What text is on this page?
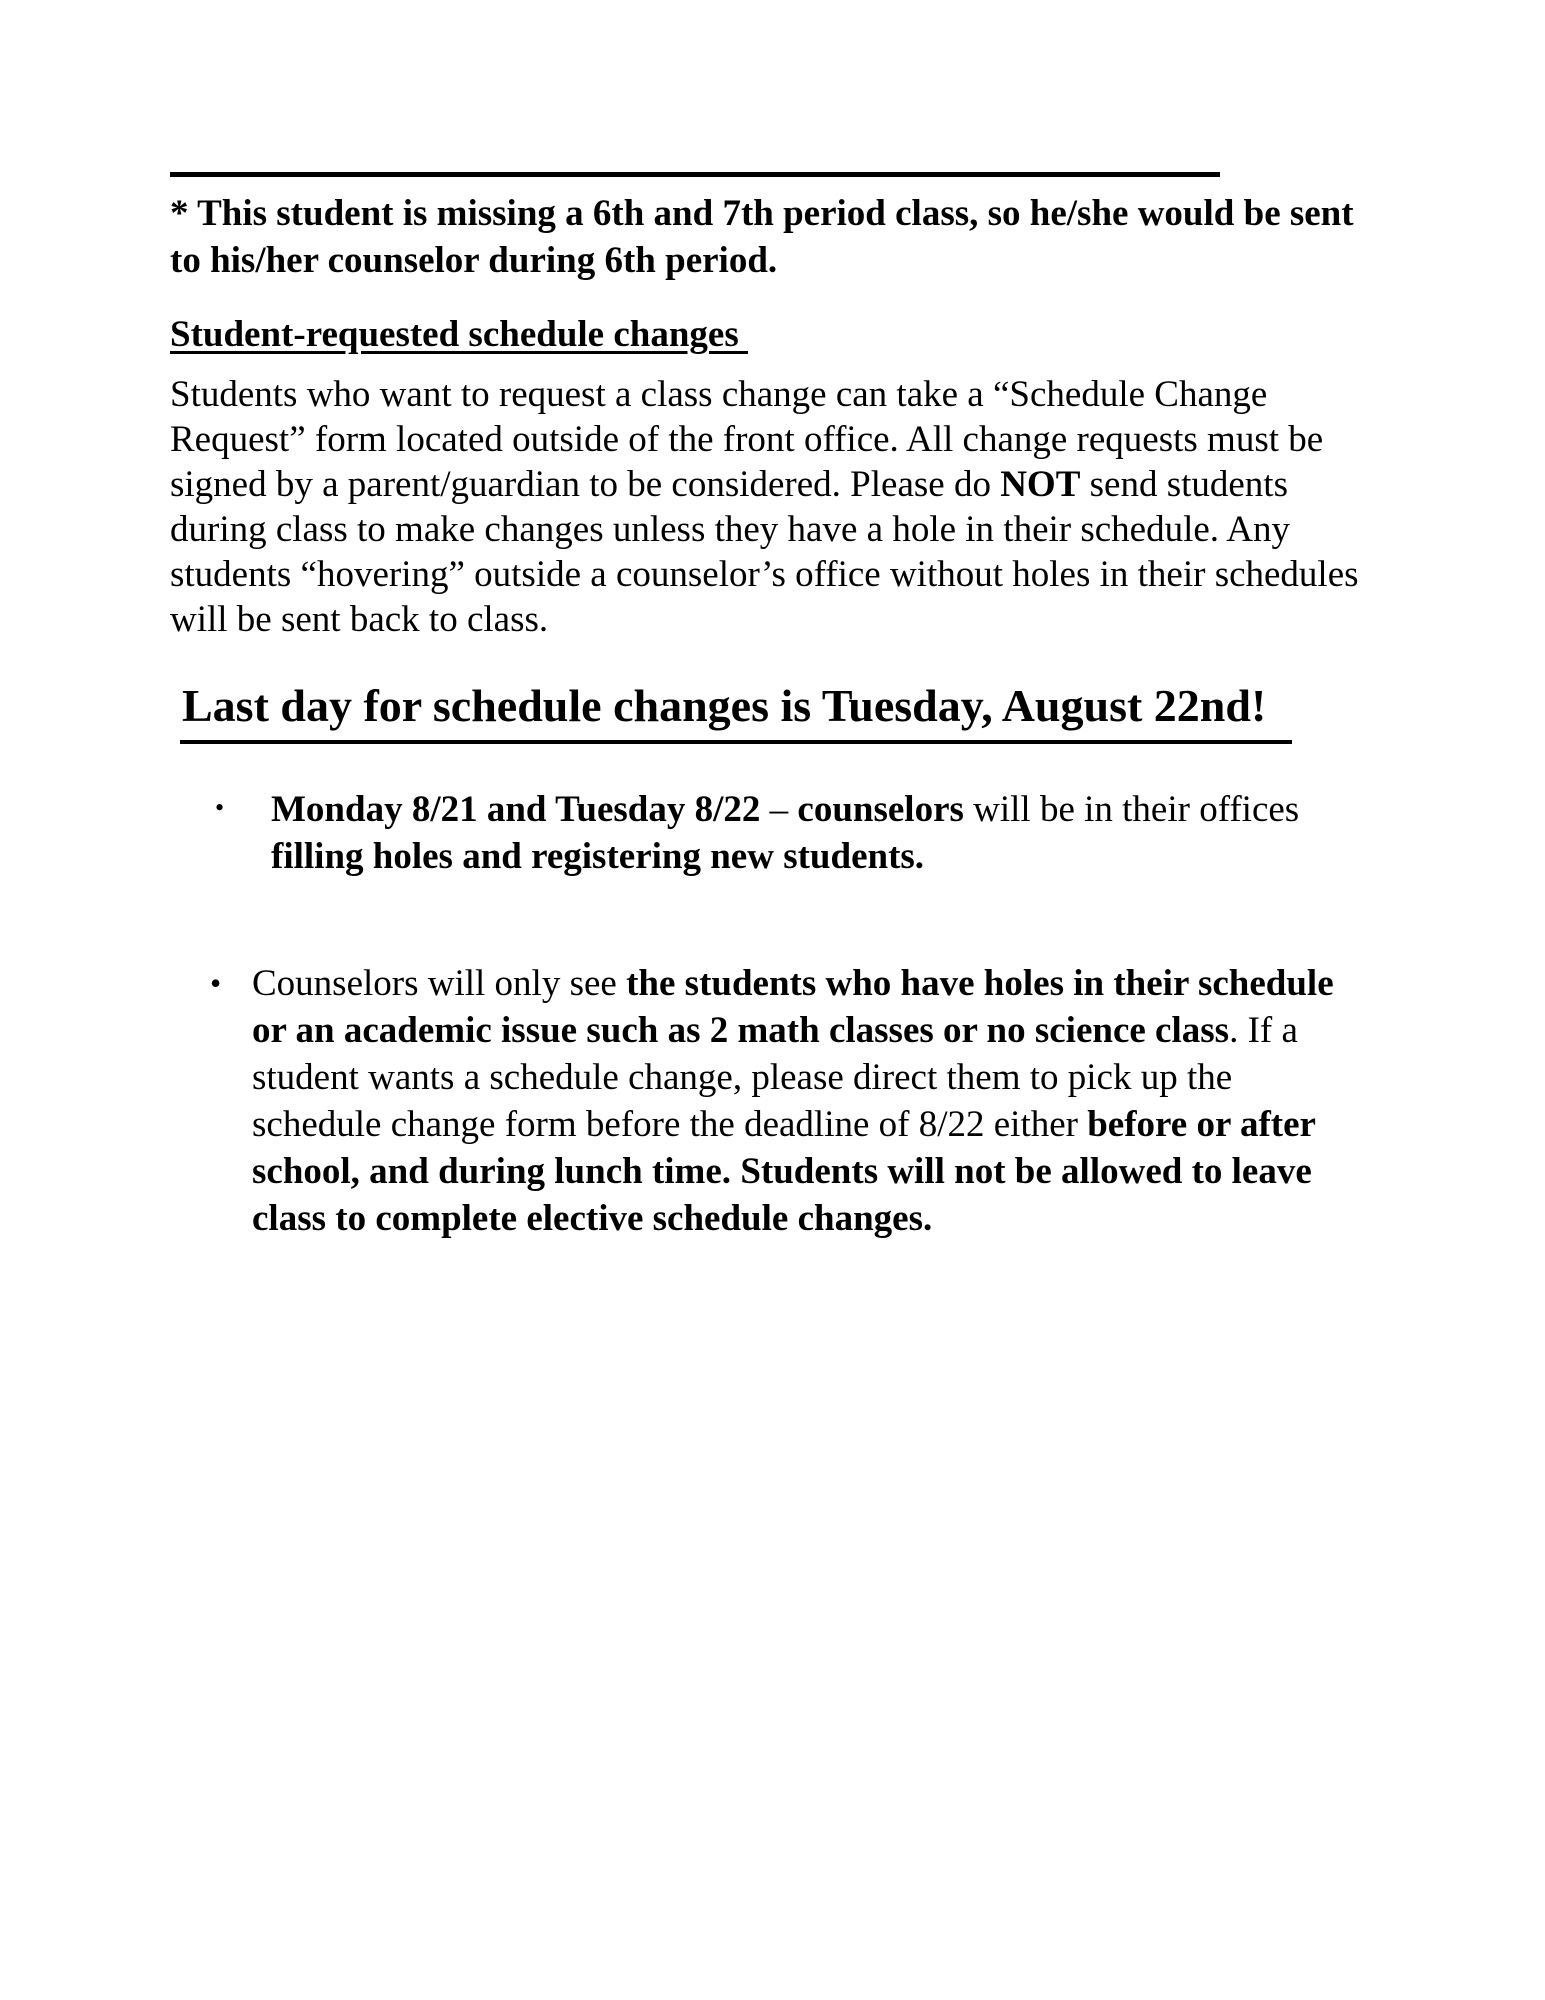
* This student is missing a 6th and 7th period class, so he/she would be sent to his/her counselor during 6th period.
Student-requested schedule changes

Students who want to request a class change can take a “Schedule Change Request” form located outside of the front office. All change requests must be signed by a parent/guardian to be considered. Please do NOT send students during class to make changes unless they have a hole in their schedule. Any students “hovering” outside a counselor’s office without holes in their schedules will be sent back to class.

Last day for schedule changes is Tuesday, August 22nd!
• Monday 8/21 and Tuesday 8/22 – counselors will be in their offices filling holes and registering new students.

• Counselors will only see the students who have holes in their schedule or an academic issue such as 2 math classes or no science class. If a student wants a schedule change, please direct them to pick up the schedule change form before the deadline of 8/22 either before or after school, and during lunch time. Students will not be allowed to leave class to complete elective schedule changes.
